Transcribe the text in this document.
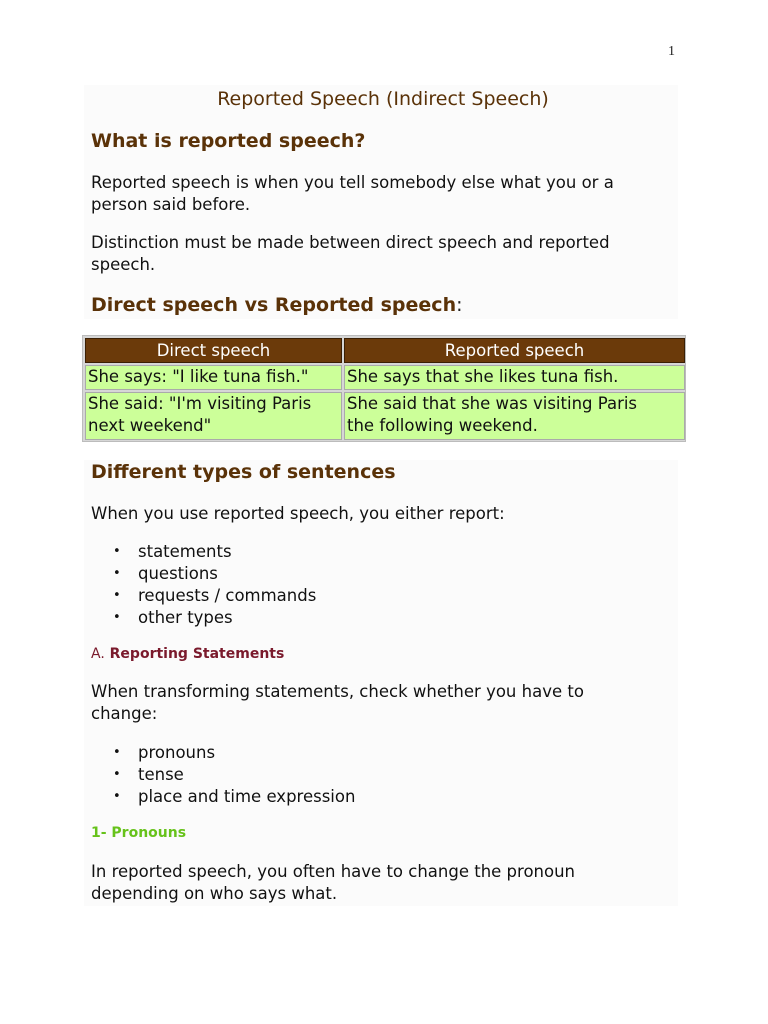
1
Reported Speech (Indirect Speech)
What is reported speech?

Reported speech is when you tell somebody else what you or a
person said before.

Distinction must be made between direct speech and reported
speech.

Direct speech vs Reported speech:
Direct speech	Reported speech
She says: "I like tuna fish."	She says that she likes tuna fish.
She said: "I'm visiting Paris
next weekend"
She said that she was visiting Paris
the following weekend.
Different types of sentences

When you use reported speech, you either report:

• statements
• questions
• requests / commands
• other types
A. Reporting Statements

When transforming statements, check whether you have to
change:

• pronouns
• tense
• place and time expression
1- Pronouns

In reported speech, you often have to change the pronoun
depending on who says what.
